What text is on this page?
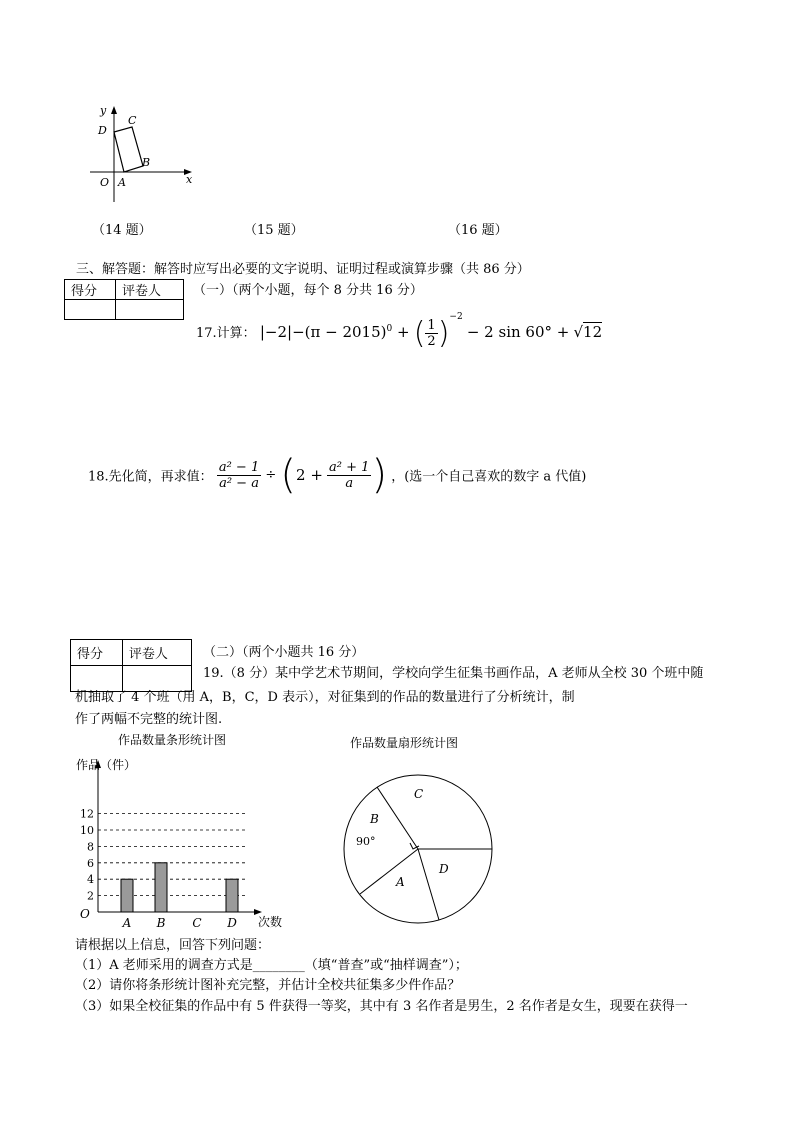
y
D
C
B
O A	x
（14 题）	（15 题）	（16 题）
三、解答题：解答时应写出必要的文字说明、证明过程或演算步骤（共 86 分）
得分	评卷人
	（一）（两个小题，每个 8 分共 16 分）
17.计算： $|-2|-(\pi - 2015)^0$ + ( $\frac{1}{2} )^{-2} - 2$ sin 60° + √12
18.先化简，再求值： $\frac{\text{a² − 1}}{\text{a² − a}} \div (2 + \frac{\text{a² + 1}}{a}$ ) ，(选一个自己喜欢的数字 a 代值)
得分	评卷人
		（二）（两个小题共 16 分）
19.（8 分）某中学艺术节期间，学校向学生征集书画作品，A 老师从全校 30 个班中随
机抽取了 4 个班（用 A，B，C，D 表示），对征集到的作品的数量进行了分析统计，制
作了两幅不完整的统计图.
作品数量条形统计图	作品数量扇形统计图
作品（件）
2
4
6
8
10
12
O
A B C D 次数
C
B
90°
A
D
请根据以上信息，回答下列问题：
（1）A 老师采用的调查方式是________（填“普查”或“抽样调查”）；
（2）请你将条形统计图补充完整，并估计全校共征集多少件作品？
（3）如果全校征集的作品中有 5 件获得一等奖，其中有 3 名作者是男生，2 名作者是女生，现要在获得一
